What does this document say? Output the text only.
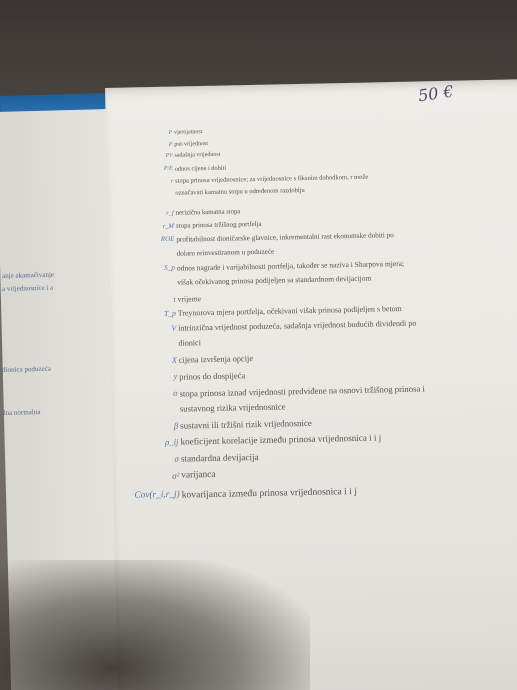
anje akamačivanje
a vrijednosnice i a
dionica poduzeća
dna normalna
50 €
P vjerojatnost
P put-vrijednost
PV sadašnja vrijednost
P/E odnos cijene i dobiti
r stopa prinosa vrijednosnice; za vrijednosnice s fiksnim dohodkom, r može
označavati kamatnu stopu u određenom razdoblju
r_f nerizična kamatna stopa
r_M stopa prinosa tržišnog portfelja
ROE profitabilnost dioničarske glavnice, inkrementalni rast ekonomske dobiti po
dolaru reinvestiranom u poduzeće
S_p odnos nagrade i varijabilnosti portfelja, također se naziva i Sharpova mjera;
višak očekivanog prinosa podijeljen sa standardnom devijacijom
t vrijeme
T_p Treynorova mjera portfelja, očekivani višak prinosa podijeljen s betom
V intrinzična vrijednost poduzeća, sadašnja vrijednost budućih dividendi po
dionici
X cijena izvršenja opcije
y prinos do dospijeća
α stopa prinosa iznad vrijednosti predviđene na osnovi tržišnog prinosa i
sustavnog rizika vrijednosnice
β sustavni ili tržišni rizik vrijednosnice
ρ_ij koeficijent korelacije između prinosa vrijednosnica i i j
σ standardna devijacija
σ² varijanca
Cov(r_i,r_j) kovarijanca između prinosa vrijednosnica i i j
